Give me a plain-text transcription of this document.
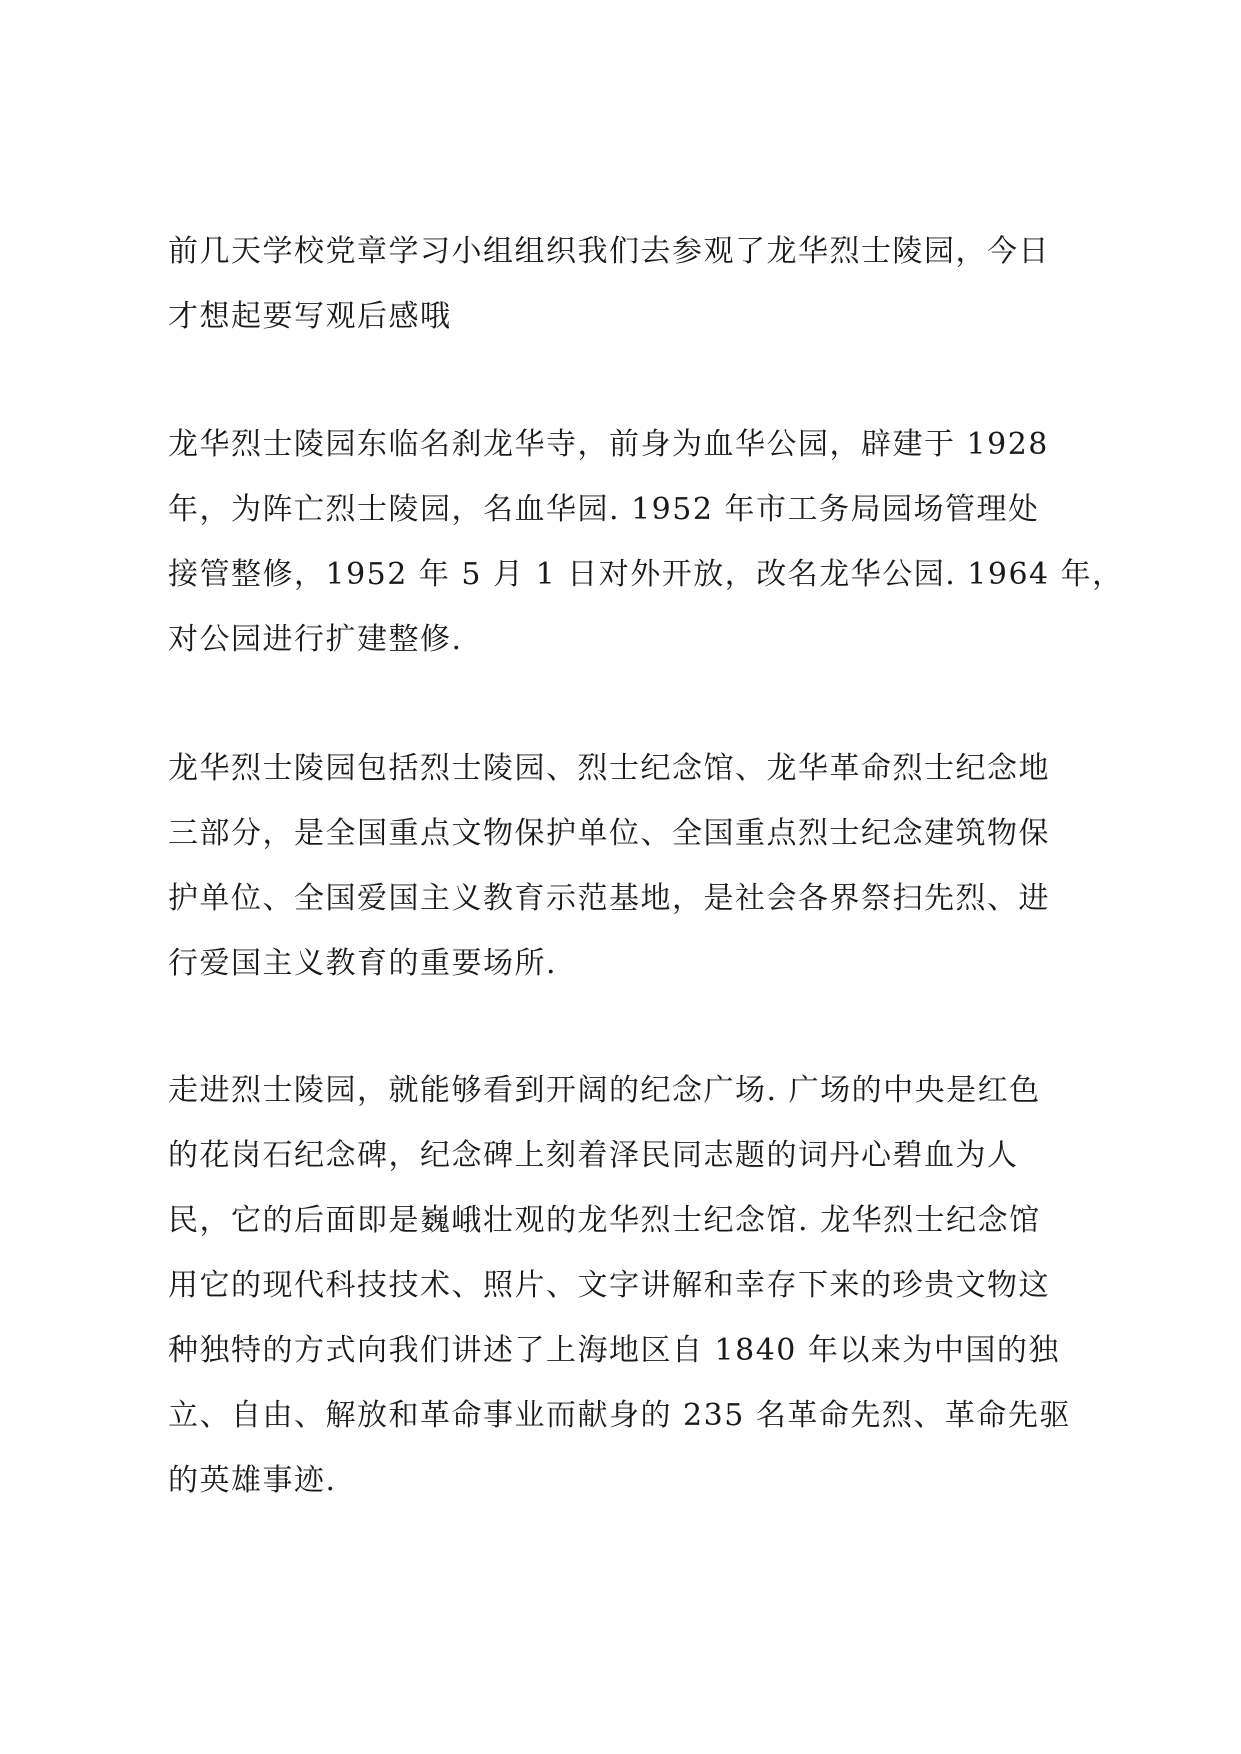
前几天学校党章学习小组组织我们去参观了龙华烈士陵园，今日
才想起要写观后感哦

龙华烈士陵园东临名刹龙华寺，前身为血华公园，辟建于 1928
年，为阵亡烈士陵园，名血华园. 1952 年市工务局园场管理处
接管整修，1952 年 5 月 1 日对外开放，改名龙华公园. 1964 年，
对公园进行扩建整修.

龙华烈士陵园包括烈士陵园、烈士纪念馆、龙华革命烈士纪念地
三部分，是全国重点文物保护单位、全国重点烈士纪念建筑物保
护单位、全国爱国主义教育示范基地，是社会各界祭扫先烈、进
行爱国主义教育的重要场所.

走进烈士陵园，就能够看到开阔的纪念广场. 广场的中央是红色
的花岗石纪念碑，纪念碑上刻着泽民同志题的词丹心碧血为人
民，它的后面即是巍峨壮观的龙华烈士纪念馆. 龙华烈士纪念馆
用它的现代科技技术、照片、文字讲解和幸存下来的珍贵文物这
种独特的方式向我们讲述了上海地区自 1840 年以来为中国的独
立、自由、解放和革命事业而献身的 235 名革命先烈、革命先驱
的英雄事迹.
